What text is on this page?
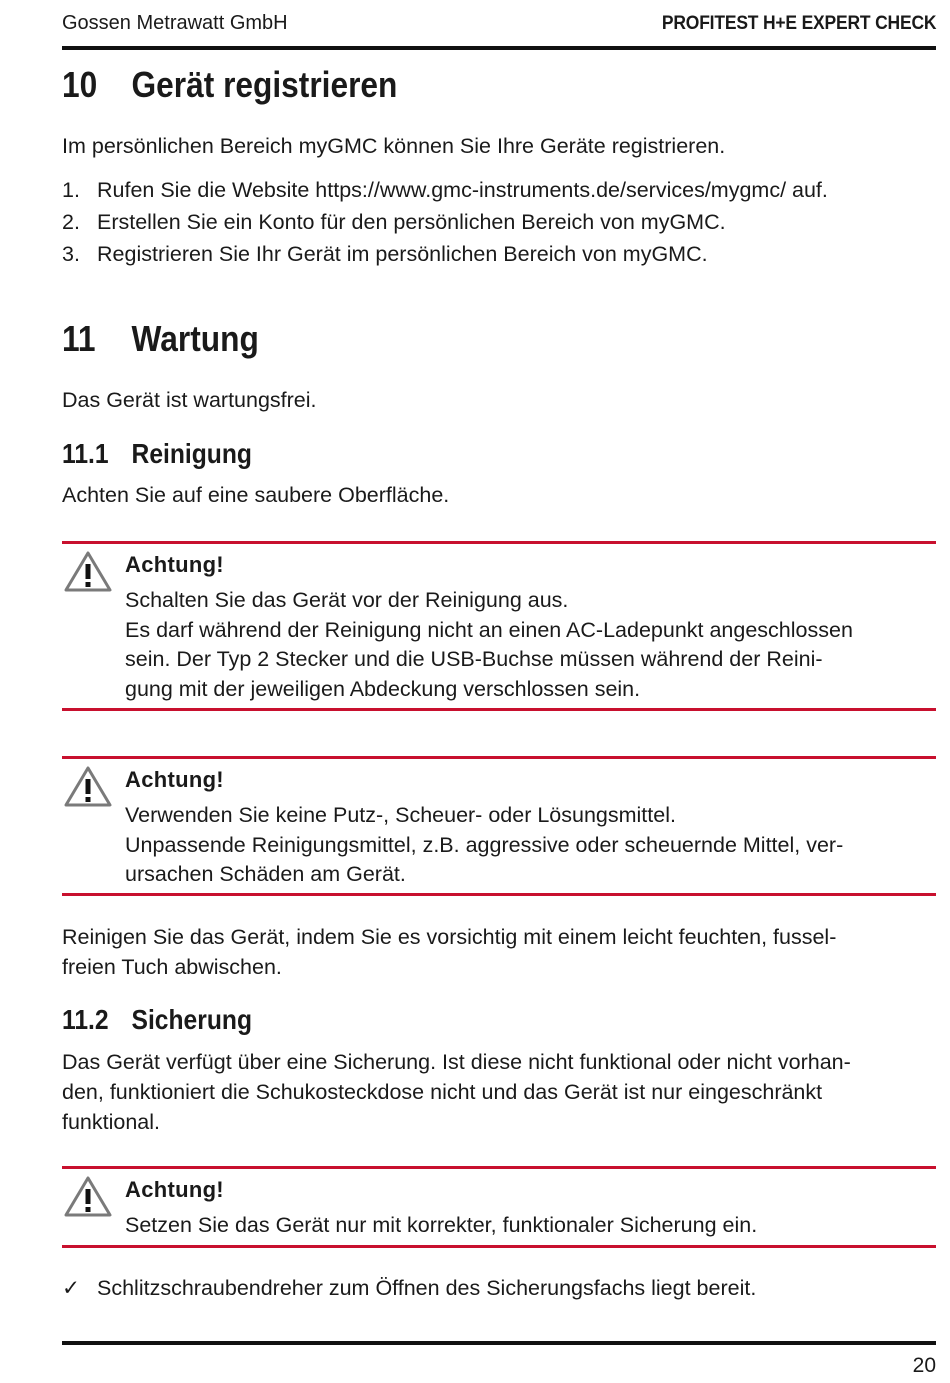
Gossen Metrawatt GmbH	PROFITEST H+E EXPERT CHECK
10 Gerät registrieren

Im persönlichen Bereich myGMC können Sie Ihre Geräte registrieren.

1. Rufen Sie die Website https://www.gmc-instruments.de/services/mygmc/ auf.
2. Erstellen Sie ein Konto für den persönlichen Bereich von myGMC.
3. Registrieren Sie Ihr Gerät im persönlichen Bereich von myGMC.
11 Wartung

Das Gerät ist wartungsfrei.

11.1 Reinigung

Achten Sie auf eine saubere Oberfläche.

Achtung!
Schalten Sie das Gerät vor der Reinigung aus.
Es darf während der Reinigung nicht an einen AC-Ladepunkt angeschlossen
sein. Der Typ 2 Stecker und die USB-Buchse müssen während der Reini-
gung mit der jeweiligen Abdeckung verschlossen sein.
Achtung!
Verwenden Sie keine Putz-, Scheuer- oder Lösungsmittel.
Unpassende Reinigungsmittel, z.B. aggressive oder scheuernde Mittel, ver-
ursachen Schäden am Gerät.
Reinigen Sie das Gerät, indem Sie es vorsichtig mit einem leicht feuchten, fussel-
freien Tuch abwischen.
11.2 Sicherung
Das Gerät verfügt über eine Sicherung. Ist diese nicht funktional oder nicht vorhan-
den, funktioniert die Schukosteckdose nicht und das Gerät ist nur eingeschränkt
funktional.
Achtung!
Setzen Sie das Gerät nur mit korrekter, funktionaler Sicherung ein.
✓ Schlitzschraubendreher zum Öffnen des Sicherungsfachs liegt bereit.
20
